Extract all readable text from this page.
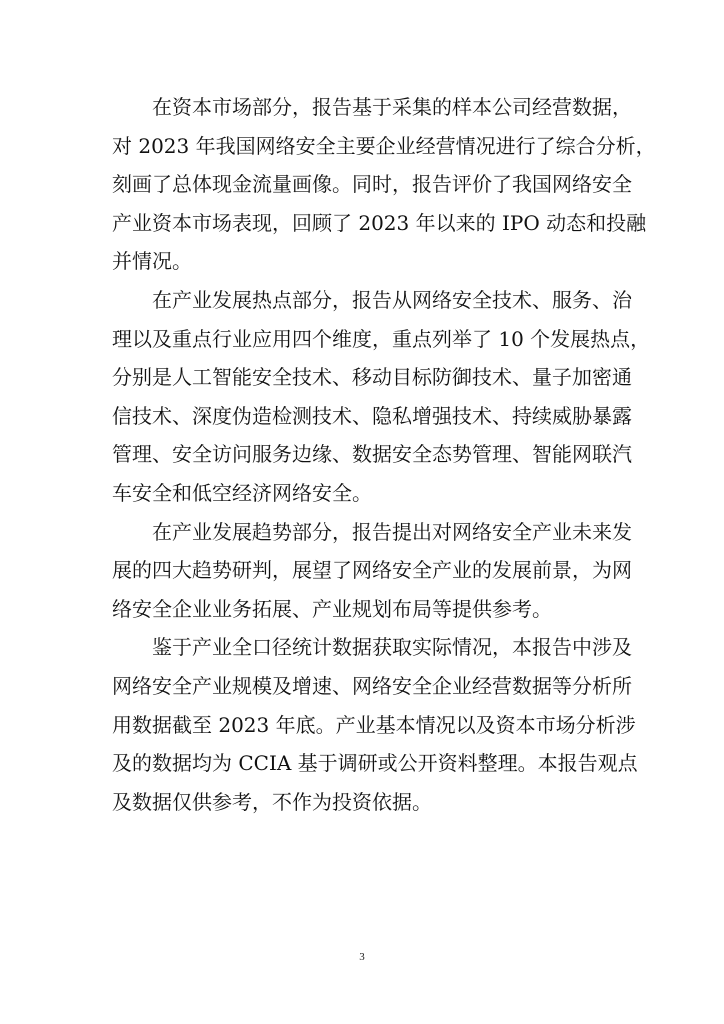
在资本市场部分，报告基于采集的样本公司经营数据，
对 2023 年我国网络安全主要企业经营情况进行了综合分析，
刻画了总体现金流量画像。同时，报告评价了我国网络安全
产业资本市场表现，回顾了 2023 年以来的 IPO 动态和投融
并情况。
在产业发展热点部分，报告从网络安全技术、服务、治
理以及重点行业应用四个维度，重点列举了 10 个发展热点，
分别是人工智能安全技术、移动目标防御技术、量子加密通
信技术、深度伪造检测技术、隐私增强技术、持续威胁暴露
管理、安全访问服务边缘、数据安全态势管理、智能网联汽
车安全和低空经济网络安全。
在产业发展趋势部分，报告提出对网络安全产业未来发
展的四大趋势研判，展望了网络安全产业的发展前景，为网
络安全企业业务拓展、产业规划布局等提供参考。
鉴于产业全口径统计数据获取实际情况，本报告中涉及
网络安全产业规模及增速、网络安全企业经营数据等分析所
用数据截至 2023 年底。产业基本情况以及资本市场分析涉
及的数据均为 CCIA 基于调研或公开资料整理。本报告观点
及数据仅供参考，不作为投资依据。
3
